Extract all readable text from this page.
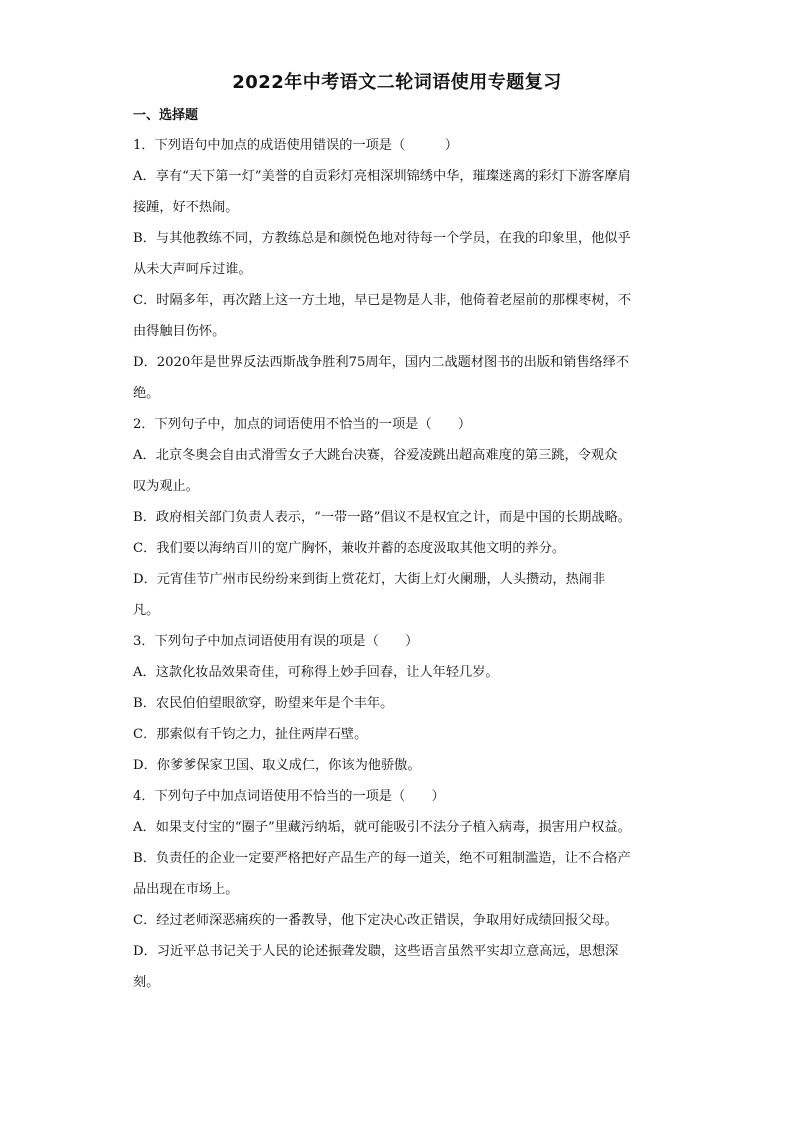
2022年中考语文二轮词语使用专题复习
一、选择题
1．下列语句中加点的成语使用错误的一项是（　　　）
A．享有“天下第一灯”美誉的自贡彩灯亮相深圳锦绣中华，璀璨迷离的彩灯下游客摩肩
接踵，好不热闹。
B．与其他教练不同，方教练总是和颜悦色地对待每一个学员，在我的印象里，他似乎
从未大声呵斥过谁。
C．时隔多年，再次踏上这一方土地，早已是物是人非，他倚着老屋前的那棵枣树，不
由得触目伤怀。
D．2020年是世界反法西斯战争胜利75周年，国内二战题材图书的出版和销售络绎不
绝。
2．下列句子中，加点的词语使用不恰当的一项是（　　）
A．北京冬奥会自由式滑雪女子大跳台决赛，谷爱凌跳出超高难度的第三跳，令观众
叹为观止。
B．政府相关部门负责人表示，“一带一路”倡议不是权宜之计，而是中国的长期战略。
C．我们要以海纳百川的宽广胸怀，兼收并蓄的态度汲取其他文明的养分。
D．元宵佳节广州市民纷纷来到街上赏花灯，大街上灯火阑珊，人头攒动，热闹非
凡。
3．下列句子中加点词语使用有误的项是（　　）
A．这款化妆品效果奇佳，可称得上妙手回春，让人年轻几岁。
B．农民伯伯望眼欲穿，盼望来年是个丰年。
C．那索似有千钧之力，扯住两岸石壁。
D．你爹爹保家卫国、取义成仁，你该为他骄傲。
4．下列句子中加点词语使用不恰当的一项是（　　）
A．如果支付宝的“圈子”里藏污纳垢，就可能吸引不法分子植入病毒，损害用户权益。
B．负责任的企业一定要严格把好产品生产的每一道关，绝不可粗制滥造，让不合格产
品出现在市场上。
C．经过老师深恶痛疾的一番教导，他下定决心改正错误，争取用好成绩回报父母。
D．习近平总书记关于人民的论述振聋发聩，这些语言虽然平实却立意高远，思想深
刻。
